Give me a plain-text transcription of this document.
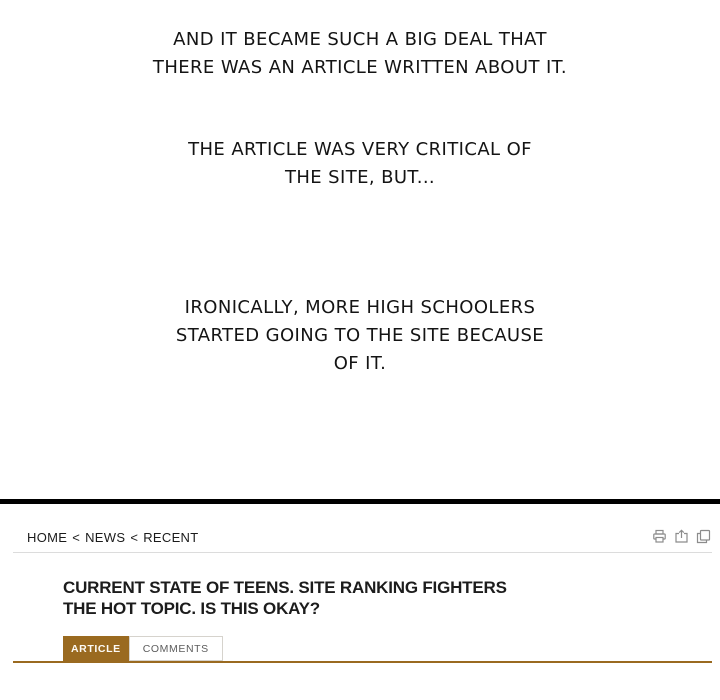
AND IT BECAME SUCH A BIG DEAL THAT
THERE WAS AN ARTICLE WRITTEN ABOUT IT.
THE ARTICLE WAS VERY CRITICAL OF
THE SITE, BUT...
IRONICALLY, MORE HIGH SCHOOLERS
STARTED GOING TO THE SITE BECAUSE
OF IT.
HOME < NEWS < RECENT
CURRENT STATE OF TEENS. SITE RANKING FIGHTERS
THE HOT TOPIC. IS THIS OKAY?
ARTICLE	COMMENTS
